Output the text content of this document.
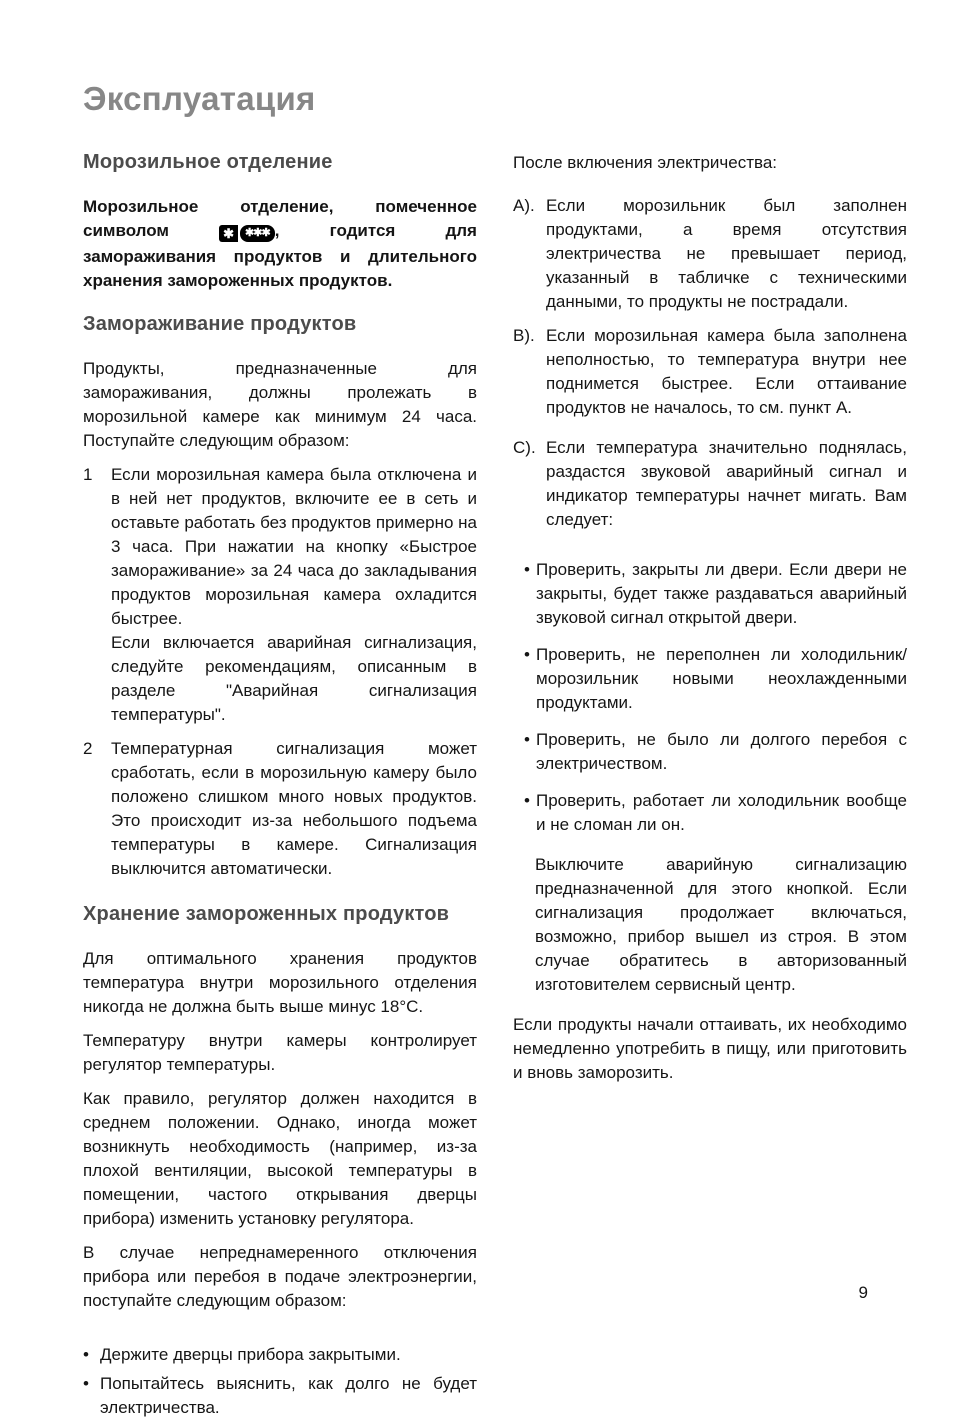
Эксплуатация
Морозильное отделение

Морозильное отделение, помеченное символом	✱ ✱✱✱ , годится для замораживания продуктов и длительного хранения замороженных продуктов.

Замораживание продуктов

Продукты, предназначенные для замораживания, должны пролежать в морозильной камере как минимум 24 часа. Поступайте следующим образом:

1	Если морозильная камера была отключена и в ней нет продуктов, включите ее в сеть и оставьте работать без продуктов примерно на 3 часа. При нажатии на кнопку «Быстрое замораживание» за 24 часа до закладывания продуктов морозильная камера охладится быстрее.

Если включается аварийная сигнализация, следуйте рекомендациям, описанным в разделе "Аварийная сигнализация температуры".

2	Температурная сигнализация может сработать, если в морозильную камеру было положено слишком много новых продуктов. Это происходит из-за небольшого подъема температуры в камере. Сигнализация выключится автоматически.

Хранение замороженных продуктов

Для оптимального хранения продуктов температура внутри морозильного отделения никогда не должна быть выше минус 18°С.

Температуру внутри камеры контролирует регулятор температуры.

Как правило, регулятор должен находится в среднем положении. Однако, иногда может возникнуть необходимость (например, из-за плохой вентиляции, высокой температуры в помещении, частого открывания дверцы прибора) изменить установку регулятора.

В случае непреднамеренного отключения прибора или перебоя в подаче электроэнергии, поступайте следующим образом:

• Держите дверцы прибора закрытыми.

• Попытайтесь выяснить, как долго не будет электричества.

После включения электричества:

А). Если морозильник был заполнен продуктами, а время отсутствия электричества не превышает период, указанный в табличке с техническими данными, то продукты не пострадали.

В). Если морозильная камера была заполнена неполностью, то температура внутри нее поднимется быстрее. Если оттаивание продуктов не началось, то см. пункт А.

С). Если температура значительно поднялась, раздастся звуковой аварийный сигнал и индикатор температуры начнет мигать. Вам следует:

• Проверить, закрыты ли двери. Если двери не закрыты, будет также раздаваться аварийный звуковой сигнал открытой двери.

• Проверить, не переполнен ли холодильник/морозильник новыми неохлажденными продуктами.

• Проверить, не было ли долгого перебоя с электричеством.

• Проверить, работает ли холодильник вообще и не сломан ли он.

Выключите аварийную сигнализацию предназначенной для этого кнопкой. Если сигнализация продолжает включаться, возможно, прибор вышел из строя. В этом случае обратитесь в авторизованный изготовителем сервисный центр.

Если продукты начали оттаивать, их необходимо немедленно употребить в пищу, или приготовить и вновь заморозить.

9
